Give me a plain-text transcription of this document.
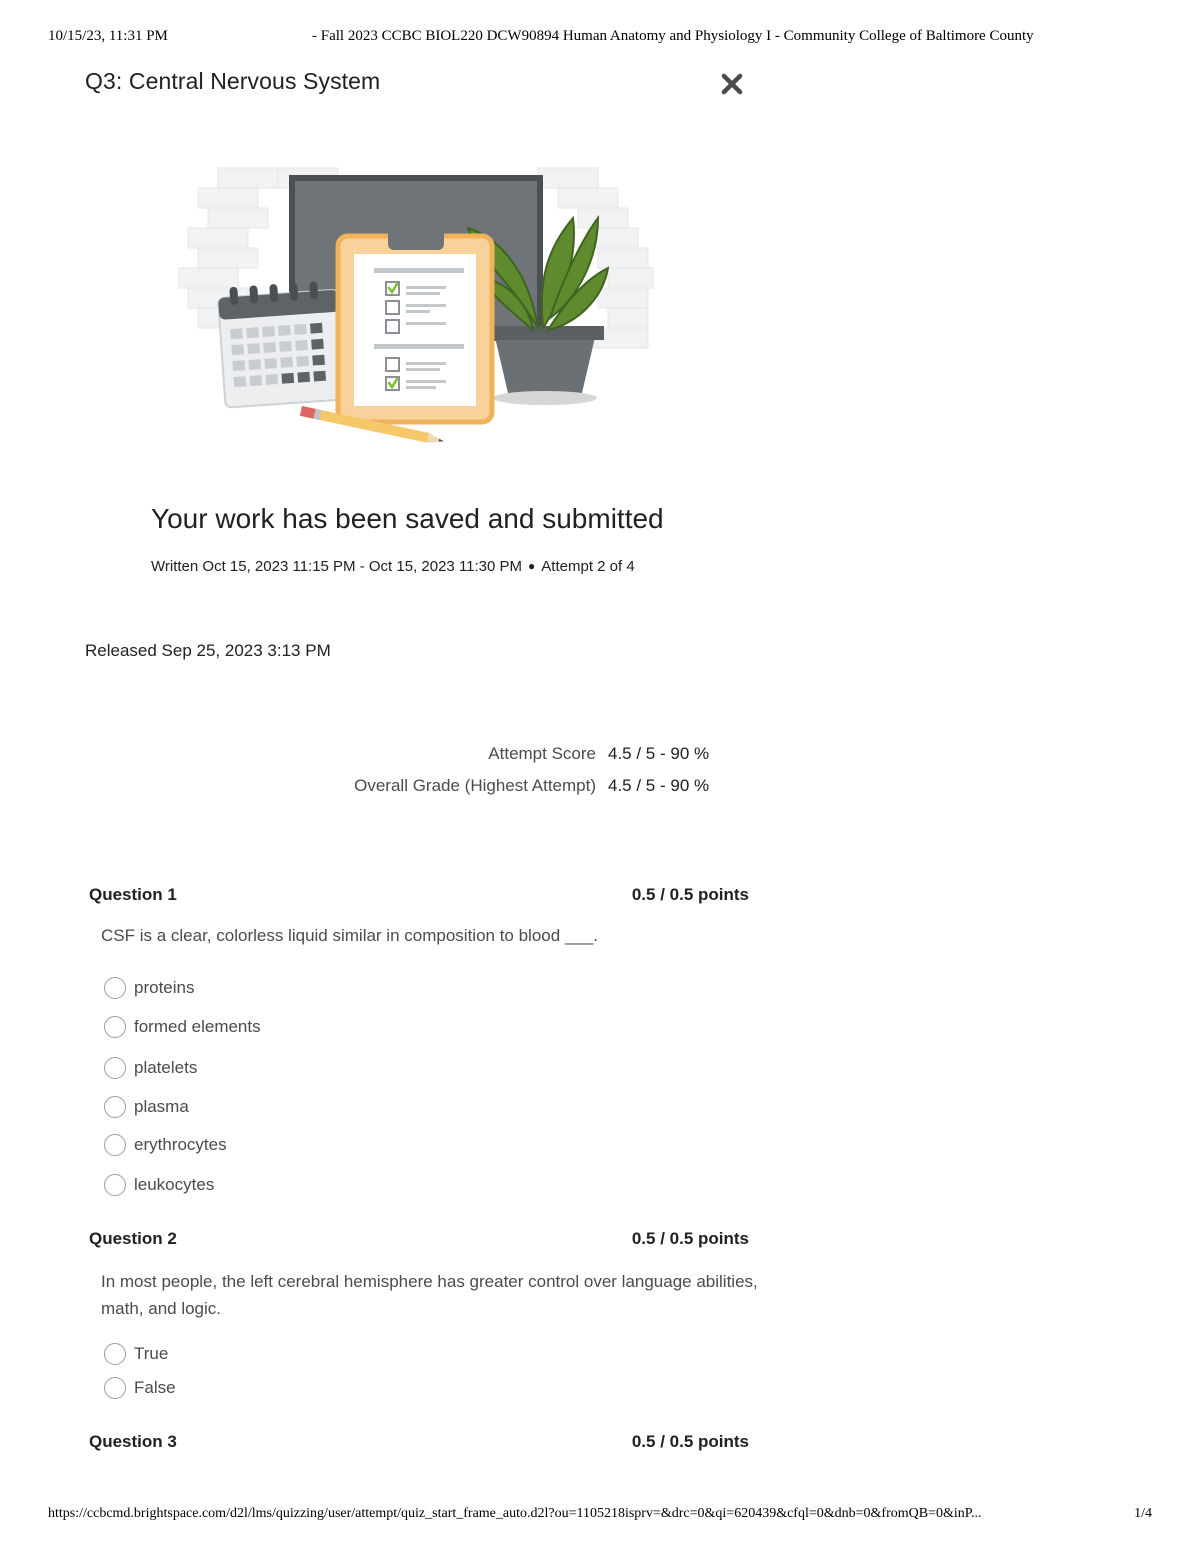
10/15/23, 11:31 PM	- Fall 2023 CCBC BIOL220 DCW90894 Human Anatomy and Physiology I - Community College of Baltimore County
Q3: Central Nervous System
Your work has been saved and submitted
Written Oct 15, 2023 11:15 PM - Oct 15, 2023 11:30 PM ● Attempt 2 of 4
Released Sep 25, 2023 3:13 PM
Attempt Score 4.5 / 5 - 90 %
Overall Grade (Highest Attempt) 4.5 / 5 - 90 %
Question 1	0.5 / 0.5 points

CSF is a clear, colorless liquid similar in composition to blood ___.

proteins
formed elements
platelets
plasma
erythrocytes
leukocytes
Question 2	0.5 / 0.5 points

In most people, the left cerebral hemisphere has greater control over language abilities, math, and logic.

True
False
Question 3	0.5 / 0.5 points
https://ccbcmd.brightspace.com/d2l/lms/quizzing/user/attempt/quiz_start_frame_auto.d2l?ou=1105218isprv=&drc=0&qi=620439&cfql=0&dnb=0&fromQB=0&inP...	1/4
